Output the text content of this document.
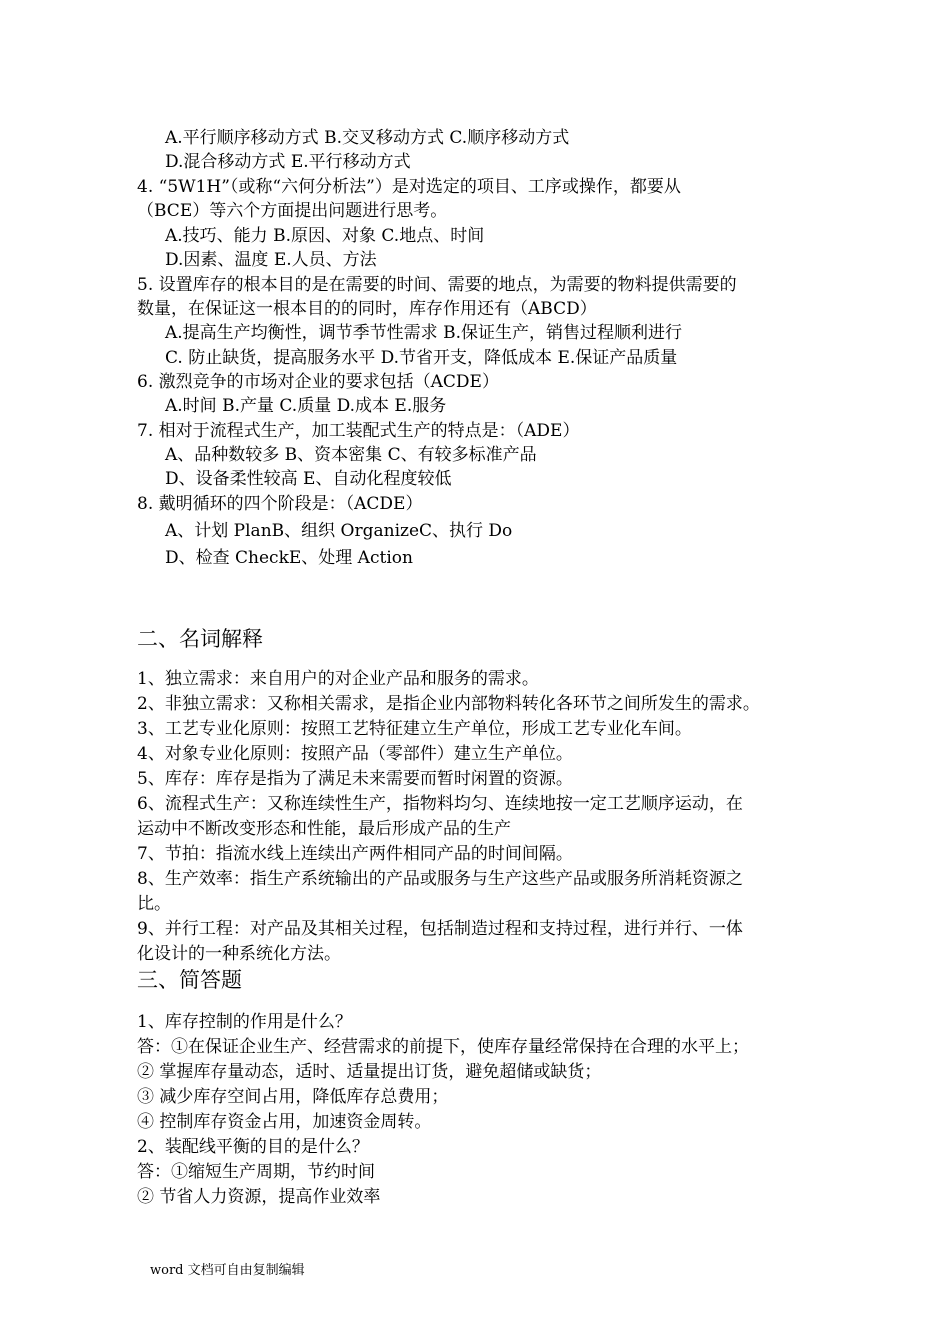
A.平行顺序移动方式 B.交叉移动方式 C.顺序移动方式
D.混合移动方式 E.平行移动方式
4. “5W1H”（或称“六何分析法”）是对选定的项目、工序或操作，都要从
（BCE）等六个方面提出问题进行思考。
A.技巧、能力 B.原因、对象 C.地点、时间
D.因素、温度 E.人员、方法
5. 设置库存的根本目的是在需要的时间、需要的地点，为需要的物料提供需要的
数量，在保证这一根本目的的同时，库存作用还有（ABCD）
A.提高生产均衡性，调节季节性需求 B.保证生产，销售过程顺利进行
C. 防止缺货，提高服务水平 D.节省开支，降低成本 E.保证产品质量
6. 激烈竞争的市场对企业的要求包括（ACDE）
A.时间 B.产量 C.质量 D.成本 E.服务
7. 相对于流程式生产，加工装配式生产的特点是：（ADE）
A、品种数较多 B、资本密集 C、有较多标准产品
D、设备柔性较高 E、自动化程度较低
8. 戴明循环的四个阶段是：（ACDE）
A、计划 PlanB、组织 OrganizeC、执行 Do
D、检查 CheckE、处理 Action
二、名词解释
1、独立需求：来自用户的对企业产品和服务的需求。
2、非独立需求：又称相关需求，是指企业内部物料转化各环节之间所发生的需求。
3、工艺专业化原则：按照工艺特征建立生产单位，形成工艺专业化车间。
4、对象专业化原则：按照产品（零部件）建立生产单位。
5、库存：库存是指为了满足未来需要而暂时闲置的资源。
6、流程式生产：又称连续性生产，指物料均匀、连续地按一定工艺顺序运动，在
运动中不断改变形态和性能，最后形成产品的生产
7、节拍：指流水线上连续出产两件相同产品的时间间隔。
8、生产效率：指生产系统输出的产品或服务与生产这些产品或服务所消耗资源之
比。
9、并行工程：对产品及其相关过程，包括制造过程和支持过程，进行并行、一体
化设计的一种系统化方法。
三、简答题
1、库存控制的作用是什么？
答：①在保证企业生产、经营需求的前提下，使库存量经常保持在合理的水平上；
② 掌握库存量动态，适时、适量提出订货，避免超储或缺货；
③ 减少库存空间占用，降低库存总费用；
④ 控制库存资金占用，加速资金周转。
2、装配线平衡的目的是什么？
答：①缩短生产周期，节约时间
② 节省人力资源，提高作业效率
word 文档可自由复制编辑
